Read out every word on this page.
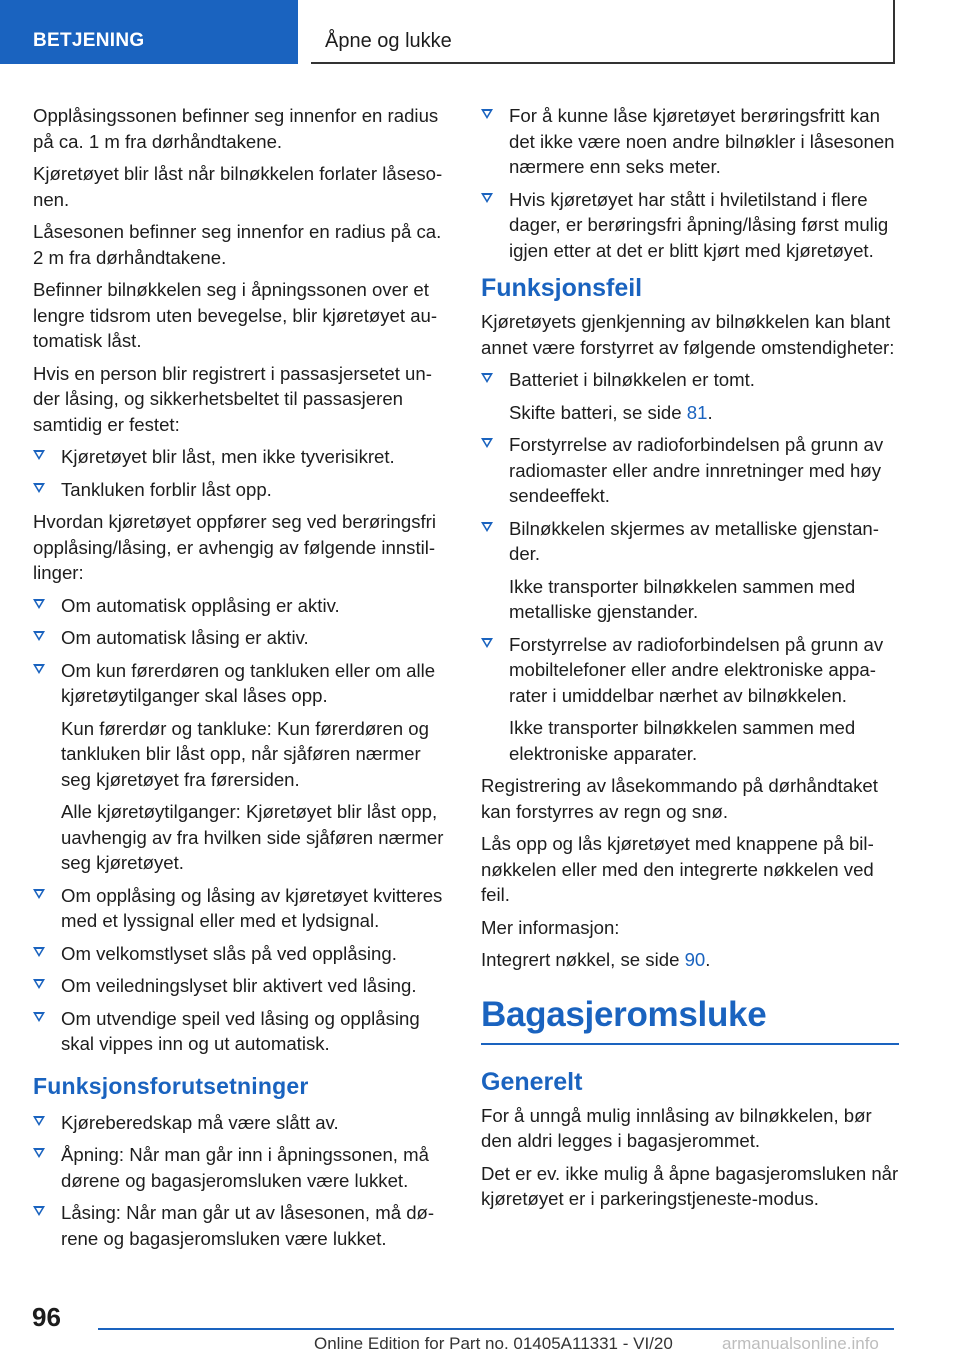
BETJENING	Åpne og lukke

Opplåsingssonen befinner seg innenfor en radius på ca. 1 m fra dørhåndtakene.

Kjøretøyet blir låst når bilnøkkelen forlater låsesonen.

Låsesonen befinner seg innenfor en radius på ca. 2 m fra dørhåndtakene.

Befinner bilnøkkelen seg i åpningssonen over et lengre tidsrom uten bevegelse, blir kjøretøyet automatisk låst.

Hvis en person blir registrert i passasjersetet under låsing, og sikkerhetsbeltet til passasjeren samtidig er festet:

Kjøretøyet blir låst, men ikke tyverisikret.
Tankluken forblir låst opp.

Hvordan kjøretøyet oppfører seg ved berøringsfri opplåsing/låsing, er avhengig av følgende innstillinger:

Om automatisk opplåsing er aktiv.
Om automatisk låsing er aktiv.
Om kun førerdøren og tankluken eller om alle kjøretøytilganger skal låses opp.

Kun førerdør og tankluke: Kun førerdøren og tankluken blir låst opp, når sjåføren nærmer seg kjøretøyet fra førersiden.

Alle kjøretøytilganger: Kjøretøyet blir låst opp, uavhengig av fra hvilken side sjåføren nærmer seg kjøretøyet.

Om opplåsing og låsing av kjøretøyet kvitteres med et lyssignal eller med et lydsignal.
Om velkomstlyset slås på ved opplåsing.
Om veiledningslyset blir aktivert ved låsing.
Om utvendige speil ved låsing og opplåsing skal vippes inn og ut automatisk.
Funksjonsforutsetninger
Kjøreberedskap må være slått av.
Åpning: Når man går inn i åpningssonen, må dørene og bagasjeromsluken være lukket.
Låsing: Når man går ut av låsesonen, må dørene og bagasjeromsluken være lukket.
For å kunne låse kjøretøyet berøringsfritt kan det ikke være noen andre bilnøkler i låsesonen nærmere enn seks meter.
Hvis kjøretøyet har stått i hviletilstand i flere dager, er berøringsfri åpning/låsing først mulig igjen etter at det er blitt kjørt med kjøretøyet.
Funksjonsfeil

Kjøretøyets gjenkjenning av bilnøkkelen kan blant annet være forstyrret av følgende omstendigheter:

Batteriet i bilnøkkelen er tomt.

Skifte batteri, se side 81.

Forstyrrelse av radioforbindelsen på grunn av radiomaster eller andre innretninger med høy sendeeffekt.
Bilnøkkelen skjermes av metalliske gjenstander.

Ikke transporter bilnøkkelen sammen med metalliske gjenstander.

Forstyrrelse av radioforbindelsen på grunn av mobiltelefoner eller andre elektroniske apparater i umiddelbar nærhet av bilnøkkelen.

Ikke transporter bilnøkkelen sammen med elektroniske apparater.

Registrering av låsekommando på dørhåndtaket kan forstyrres av regn og snø.

Lås opp og lås kjøretøyet med knappene på bilnøkkelen eller med den integrerte nøkkelen ved feil.

Mer informasjon:

Integrert nøkkel, se side 90.

Bagasjeromsluke
Generelt

For å unngå mulig innlåsing av bilnøkkelen, bør den aldri legges i bagasjerommet.

Det er ev. ikke mulig å åpne bagasjeromsluken når kjøretøyet er i parkeringstjeneste-modus.

96
Online Edition for Part no. 01405A11331 - VI/20	armanualsonline.info
